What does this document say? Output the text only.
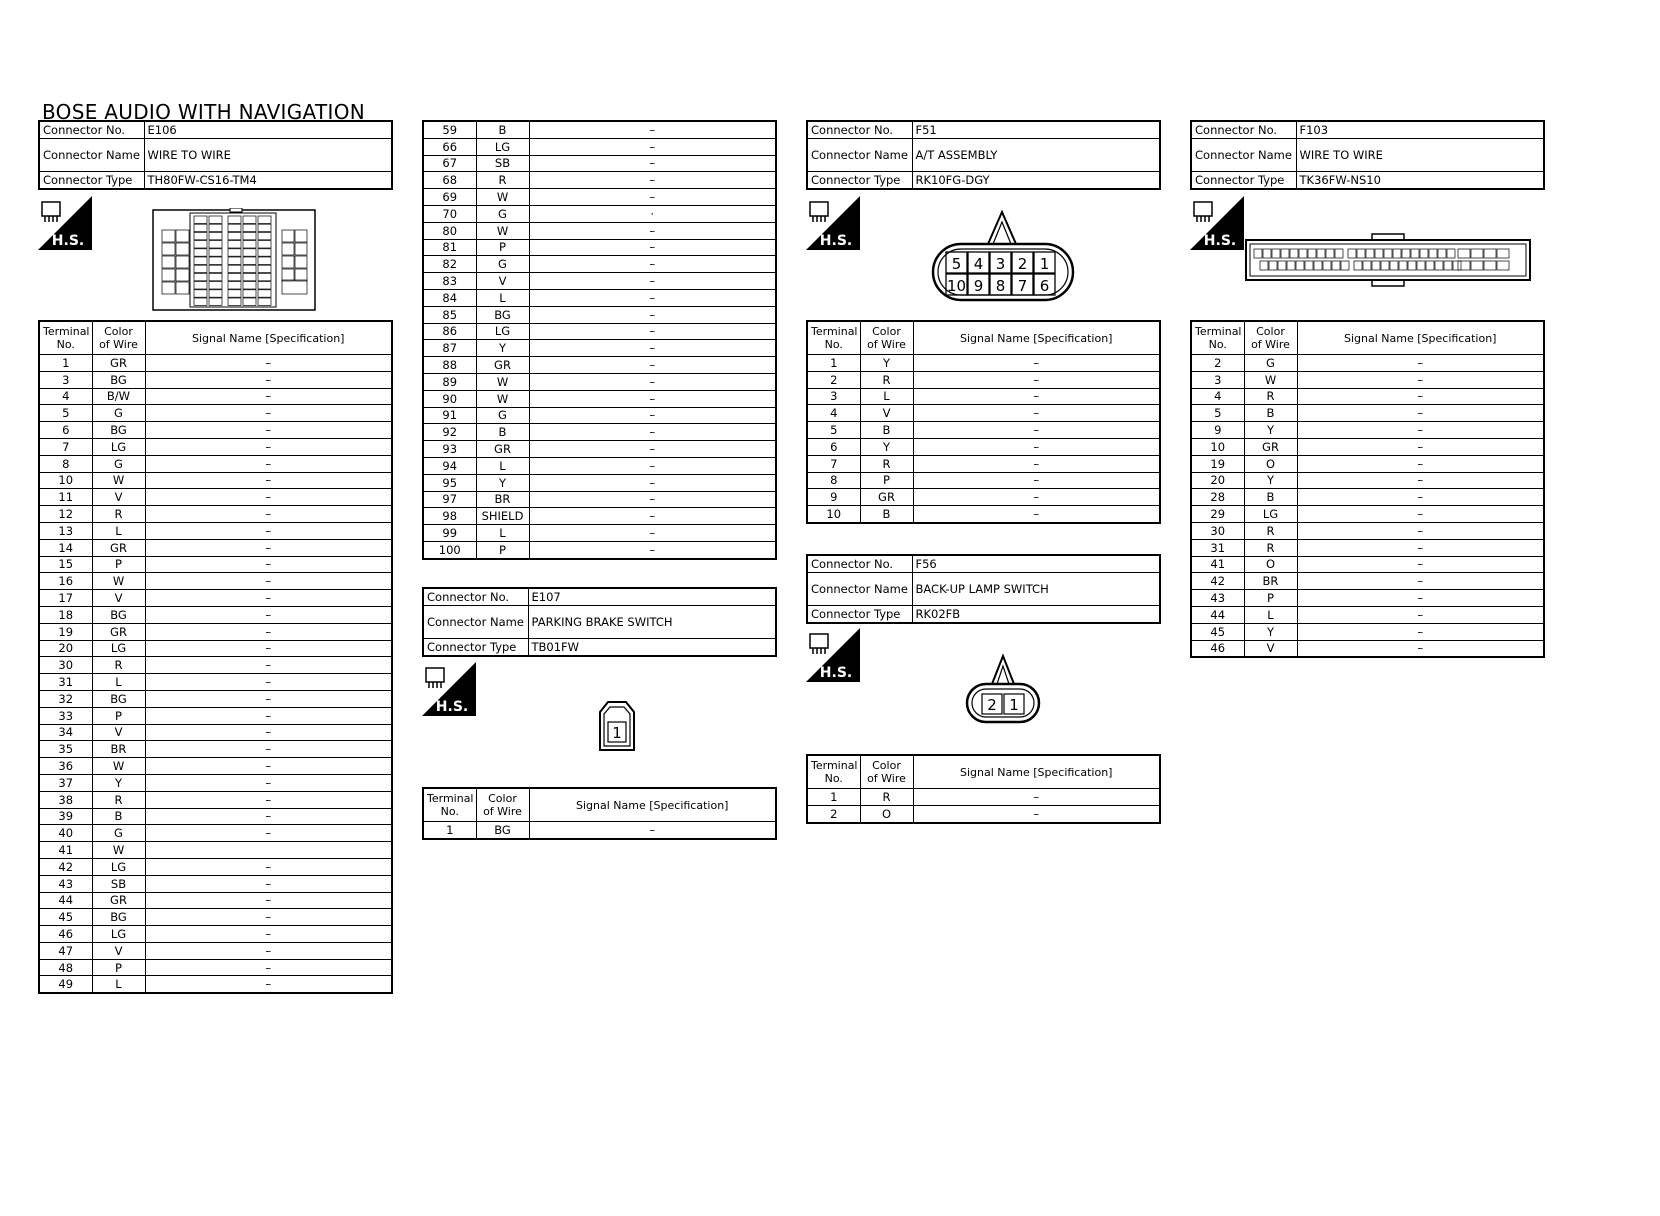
BOSE AUDIO WITH NAVIGATION
Connector No.	E106
Connector Name	WIRE TO WIRE
Connector Type	TH80FW-CS16-TM4
H.S.
Terminal
No.	Color
of Wire	Signal Name [Specification]
1	GR	–
3	BG	–
4	B/W	–
5	G	–
6	BG	–
7	LG	–
8	G	–
10	W	–
11	V	–
12	R	–
13	L	–
14	GR	–
15	P	–
16	W	–
17	V	–
18	BG	–
19	GR	–
20	LG	–
30	R	–
31	L	–
32	BG	–
33	P	–
34	V	–
35	BR	–
36	W	–
37	Y	–
38	R	–
39	B	–
40	G	–
41	W	
42	LG	–
43	SB	–
44	GR	–
45	BG	–
46	LG	–
47	V	–
48	P	–
49	L	–
59	B	–
66	LG	–
67	SB	–
68	R	–
69	W	–
70	G	·
80	W	–
81	P	–
82	G	–
83	V	–
84	L	–
85	BG	–
86	LG	–
87	Y	–
88	GR	–
89	W	–
90	W	–
91	G	–
92	B	–
93	GR	–
94	L	–
95	Y	–
97	BR	–
98	SHIELD	–
99	L	–
100	P	–
Connector No.	E107
Connector Name	PARKING BRAKE SWITCH
Connector Type	TB01FW
H.S.
1
Terminal
No.	Color
of Wire	Signal Name [Specification]
1	BG	–
Connector No.	F51
Connector Name	A/T ASSEMBLY
Connector Type	RK10FG-DGY
H.S.
5 4 3 2 1
10 9 8 7 6
Terminal
No.	Color
of Wire	Signal Name [Specification]
1	Y	–
2	R	–
3	L	–
4	V	–
5	B	–
6	Y	–
7	R	–
8	P	–
9	GR	–
10	B	–
Connector No.	F56
Connector Name	BACK-UP LAMP SWITCH
Connector Type	RK02FB
H.S.
2 1
Terminal
No.	Color
of Wire	Signal Name [Specification]
1	R	–
2	O	–
Connector No.	F103
Connector Name	WIRE TO WIRE
Connector Type	TK36FW-NS10
H.S.
Terminal
No.	Color
of Wire	Signal Name [Specification]
2	G	–
3	W	–
4	R	–
5	B	–
9	Y	–
10	GR	–
19	O	–
20	Y	–
28	B	–
29	LG	–
30	R	–
31	R	–
41	O	–
42	BR	–
43	P	–
44	L	–
45	Y	–
46	V	–
